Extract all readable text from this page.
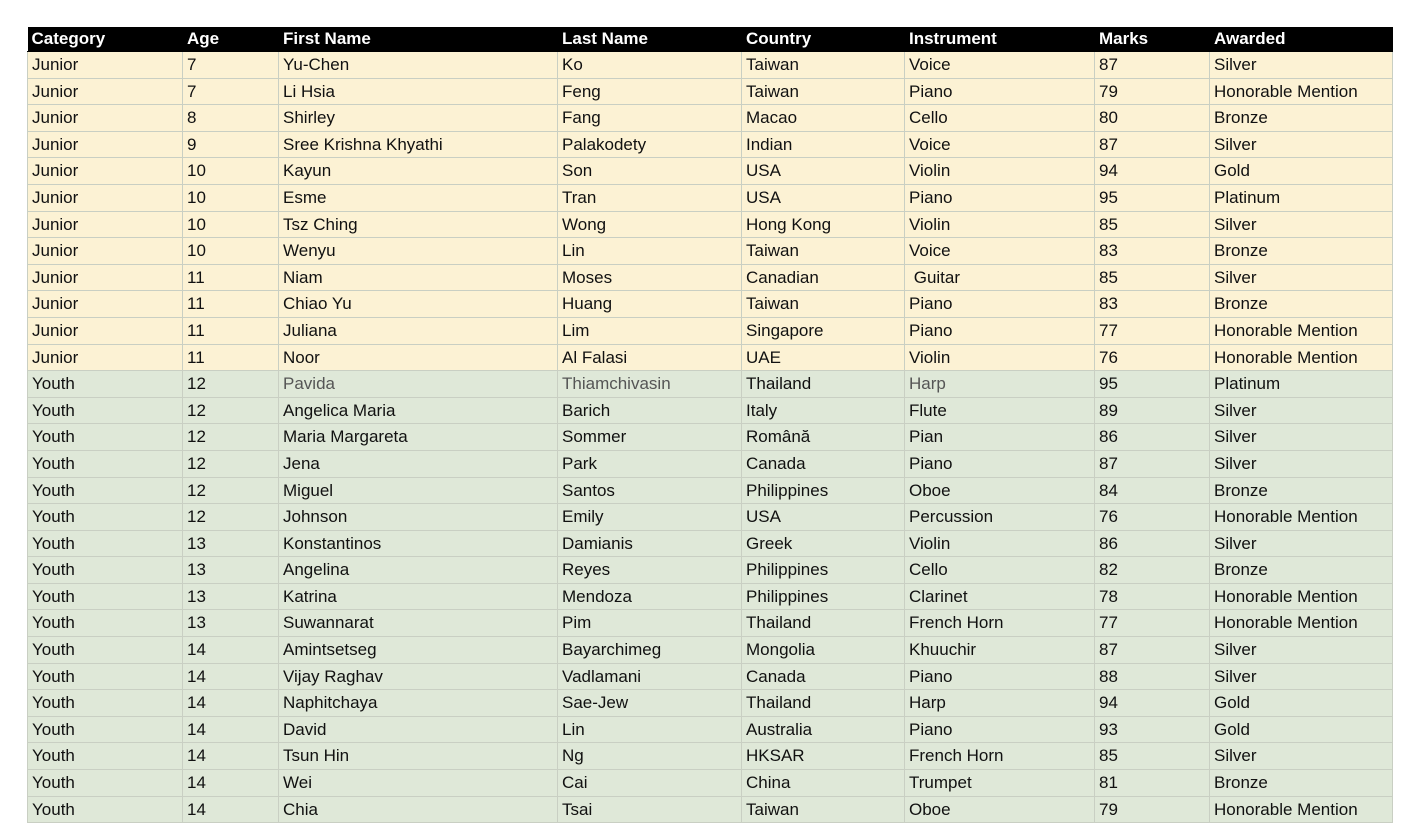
Category	Age	First Name	Last Name	Country	Instrument	Marks	Awarded
Junior	7	Yu-Chen	Ko	Taiwan	Voice	87	Silver
Junior	7	Li Hsia	Feng	Taiwan	Piano	79	Honorable Mention
Junior	8	Shirley	Fang	Macao	Cello	80	Bronze
Junior	9	Sree Krishna Khyathi	Palakodety	Indian	Voice	87	Silver
Junior	10	Kayun	Son	USA	Violin	94	Gold
Junior	10	Esme	Tran	USA	Piano	95	Platinum
Junior	10	Tsz Ching	Wong	Hong Kong	Violin	85	Silver
Junior	10	Wenyu	Lin	Taiwan	Voice	83	Bronze
Junior	11	Niam	Moses	Canadian	Guitar	85	Silver
Junior	11	Chiao Yu	Huang	Taiwan	Piano	83	Bronze
Junior	11	Juliana	Lim	Singapore	Piano	77	Honorable Mention
Junior	11	Noor	Al Falasi	UAE	Violin	76	Honorable Mention
Youth	12	Pavida	Thiamchivasin	Thailand	Harp	95	Platinum
Youth	12	Angelica Maria	Barich	Italy	Flute	89	Silver
Youth	12	Maria Margareta	Sommer	Română	Pian	86	Silver
Youth	12	Jena	Park	Canada	Piano	87	Silver
Youth	12	Miguel	Santos	Philippines	Oboe	84	Bronze
Youth	12	Johnson	Emily	USA	Percussion	76	Honorable Mention
Youth	13	Konstantinos	Damianis	Greek	Violin	86	Silver
Youth	13	Angelina	Reyes	Philippines	Cello	82	Bronze
Youth	13	Katrina	Mendoza	Philippines	Clarinet	78	Honorable Mention
Youth	13	Suwannarat	Pim	Thailand	French Horn	77	Honorable Mention
Youth	14	Amintsetseg	Bayarchimeg	Mongolia	Khuuchir	87	Silver
Youth	14	Vijay Raghav	Vadlamani	Canada	Piano	88	Silver
Youth	14	Naphitchaya	Sae-Jew	Thailand	Harp	94	Gold
Youth	14	David	Lin	Australia	Piano	93	Gold
Youth	14	Tsun Hin	Ng	HKSAR	French Horn	85	Silver
Youth	14	Wei	Cai	China	Trumpet	81	Bronze
Youth	14	Chia	Tsai	Taiwan	Oboe	79	Honorable Mention
